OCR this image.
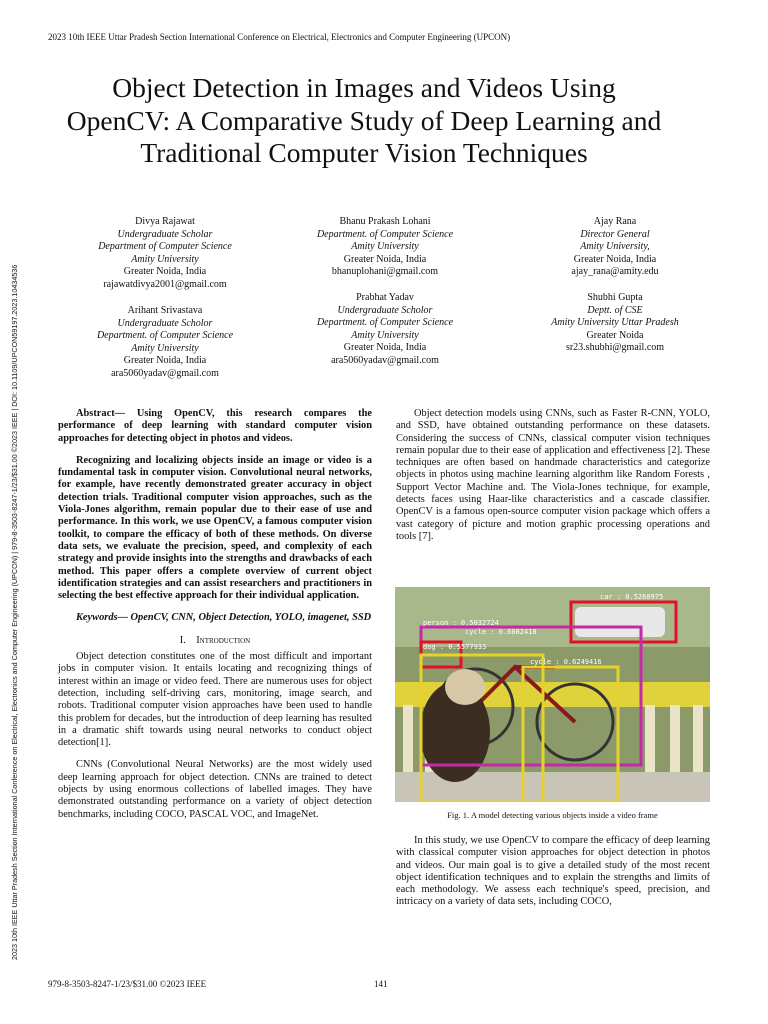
2023 10th IEEE Uttar Pradesh Section International Conference on Electrical, Electronics and Computer Engineering (UPCON)
2023 10th IEEE Uttar Pradesh Section International Conference on Electrical, Electronics and Computer Engineering (UPCON) | 979-8-3503-8247-1/23/$31.00 ©2023 IEEE | DOI: 10.1109/UPCON59197.2023.10434536
Object Detection in Images and Videos Using OpenCV: A Comparative Study of Deep Learning and Traditional Computer Vision Techniques
Divya Rajawat
Undergraduate Scholar
Department of Computer Science
Amity University
Greater Noida, India
rajawatdivya2001@gmail.com
Bhanu Prakash Lohani
Department. of Computer Science
Amity University
Greater Noida, India
bhanuplohani@gmail.com
Ajay Rana
Director General
Amity University,
Greater Noida, India
ajay_rana@amity.edu
Arihant Srivastava
Undergraduate Scholor
Department. of Computer Science
Amity University
Greater Noida, India
ara5060yadav@gmail.com
Prabhat Yadav
Undergraduate Scholor
Department. of Computer Science
Amity University
Greater Noida, India
ara5060yadav@gmail.com
Shubhi Gupta
Deptt. of CSE
Amity University Uttar Pradesh
Greater Noida
sr23.shubhi@gmail.com

Abstract— Using OpenCV, this research compares the performance of deep learning with standard computer vision approaches for detecting object in photos and videos.

Recognizing and localizing objects inside an image or video is a fundamental task in computer vision. Convolutional neural networks, for example, have recently demonstrated greater accuracy in object detection trials. Traditional computer vision approaches, such as the Viola-Jones algorithm, remain popular due to their ease of use and performance. In this work, we use OpenCV, a famous computer vision toolkit, to compare the efficacy of both of these methods. On diverse data sets, we evaluate the precision, speed, and complexity of each strategy and provide insights into the strengths and drawbacks of each method. This paper offers a complete overview of current object identification strategies and can assist researchers and practitioners in selecting the best effective approach for their individual application.

Keywords— OpenCV, CNN, Object Detection, YOLO, imagenet, SSD

I. Introduction

Object detection constitutes one of the most difficult and important jobs in computer vision. It entails locating and recognizing things of interest within an image or video feed. There are numerous uses for object detection, including self-driving cars, monitoring, image search, and robots. Traditional computer vision approaches have been used to handle this problem for decades, but the introduction of deep learning has resulted in a dramatic shift towards using neural networks to conduct object detection[1].

CNNs (Convolutional Neural Networks) are the most widely used deep learning approach for object detection. CNNs are trained to detect objects by using enormous collections of labelled images. They have demonstrated outstanding performance on a variety of object detection benchmarks, including COCO, PASCAL VOC, and ImageNet.

Object detection models using CNNs, such as Faster R-CNN, YOLO, and SSD, have obtained outstanding performance on these datasets. Considering the success of CNNs, classical computer vision techniques remain popular due to their ease of application and effectiveness [2]. These techniques are often based on handmade characteristics and categorize objects in photos using machine learning algorithm like Random Forests , Support Vector Machine and. The Viola-Jones technique, for example, detects faces using Haar-like characteristics and a cascade classifier. OpenCV is a famous open-source computer vision package which offers a vast category of picture and motion graphic processing operations and tools [7].

car : 0.5260975
person : 0.5032724
cycle : 0.6082418
dog : 0.5577933
cycle : 0.6249416
Fig. 1. A model detecting various objects inside a video frame

In this study, we use OpenCV to compare the efficacy of deep learning with classical computer vision approaches for object detection in photos and videos. Our main goal is to give a detailed study of the most recent object identification techniques and to explain the strengths and limits of each methodology. We assess each technique's speed, precision, and intricacy on a variety of data sets, including COCO,

979-8-3503-8247-1/23/$31.00 ©2023 IEEE	141
